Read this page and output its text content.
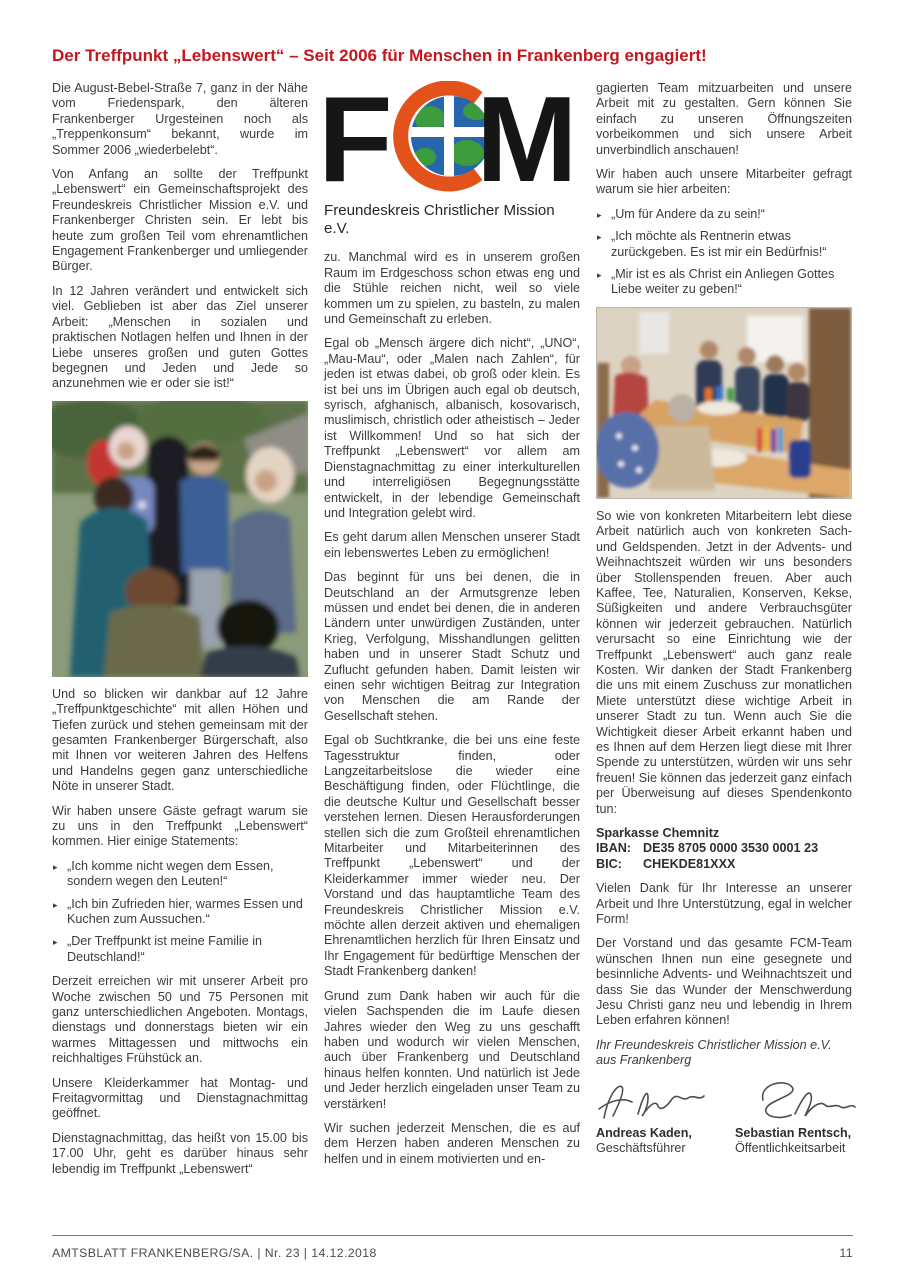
Der Treffpunkt „Lebenswert“ – Seit 2006 für Menschen in Frankenberg engagiert!

Die August-Bebel-Straße 7, ganz in der Nähe vom Friedenspark, den älteren Frankenberger Urgesteinen noch als „Treppenkonsum“ bekannt, wurde im Sommer 2006 „wiederbelebt“.

Von Anfang an sollte der Treffpunkt „Lebenswert“ ein Gemeinschaftsprojekt des Freundeskreis Christlicher Mission e.V. und Frankenberger Christen sein. Er lebt bis heute zum großen Teil vom ehrenamtlichen Engagement Frankenberger und umliegender Bürger.

In 12 Jahren verändert und entwickelt sich viel. Geblieben ist aber das Ziel unserer Arbeit: „Menschen in sozialen und praktischen Notlagen helfen und Ihnen in der Liebe unseres großen und guten Gottes begegnen und Jeden und Jede so anzunehmen wie er oder sie ist!“

Und so blicken wir dankbar auf 12 Jahre „Treffpunktgeschichte“ mit allen Höhen und Tiefen zurück und stehen gemeinsam mit der gesamten Frankenberger Bürgerschaft, also mit Ihnen vor weiteren Jahren des Helfens und Handelns gegen ganz unterschiedliche Nöte in unserer Stadt.

Wir haben unsere Gäste gefragt warum sie zu uns in den Treffpunkt „Lebenswert“ kommen. Hier einige Statements:

▸ „Ich komme nicht wegen dem Essen, sondern wegen den Leuten!“
▸ „Ich bin Zufrieden hier, warmes Essen und Kuchen zum Aussuchen.“
▸ „Der Treffpunkt ist meine Familie in Deutschland!“

Derzeit erreichen wir mit unserer Arbeit pro Woche zwischen 50 und 75 Personen mit ganz unterschiedlichen Angeboten. Montags, dienstags und donnerstags bieten wir ein warmes Mittagessen und mittwochs ein reichhaltiges Frühstück an.

Unsere Kleiderkammer hat Montag- und Freitagvormittag und Dienstagnachmittag geöffnet.

Dienstagnachmittag, das heißt von 15.00 bis 17.00 Uhr, geht es darüber hinaus sehr lebendig im Treffpunkt „Lebenswert“

F M
Freundeskreis Christlicher Mission e.V.

zu. Manchmal wird es in unserem großen Raum im Erdgeschoss schon etwas eng und die Stühle reichen nicht, weil so viele kommen um zu spielen, zu basteln, zu malen und Gemeinschaft zu erleben.

Egal ob „Mensch ärgere dich nicht“, „UNO“, „Mau-Mau“, oder „Malen nach Zahlen“, für jeden ist etwas dabei, ob groß oder klein. Es ist bei uns im Übrigen auch egal ob deutsch, syrisch, afghanisch, albanisch, kosovarisch, muslimisch, christlich oder atheistisch – Jeder ist Willkommen! Und so hat sich der Treffpunkt „Lebenswert“ vor allem am Dienstagnachmittag zu einer interkulturellen und interreligiösen Begegnungsstätte entwickelt, in der lebendige Gemeinschaft und Integration gelebt wird.

Es geht darum allen Menschen unserer Stadt ein lebenswertes Leben zu ermöglichen!

Das beginnt für uns bei denen, die in Deutschland an der Armutsgrenze leben müssen und endet bei denen, die in anderen Ländern unter unwürdigen Zuständen, unter Krieg, Verfolgung, Misshandlungen gelitten haben und in unserer Stadt Schutz und Zuflucht gefunden haben. Damit leisten wir einen sehr wichtigen Beitrag zur Integration von Menschen die am Rande der Gesellschaft stehen.

Egal ob Suchtkranke, die bei uns eine feste Tagesstruktur finden, oder Langzeitarbeitslose die wieder eine Beschäftigung finden, oder Flüchtlinge, die die deutsche Kultur und Gesellschaft besser verstehen lernen. Diesen Herausforderungen stellen sich die zum Großteil ehrenamtlichen Mitarbeiter und Mitarbeiterinnen des Treffpunkt „Lebenswert“ und der Kleiderkammer immer wieder neu. Der Vorstand und das hauptamtliche Team des Freundeskreis Christlicher Mission e.V. möchte allen derzeit aktiven und ehemaligen Ehrenamtlichen herzlich für Ihren Einsatz und Ihr Engagement für bedürftige Menschen der Stadt Frankenberg danken!

Grund zum Dank haben wir auch für die vielen Sachspenden die im Laufe diesen Jahres wieder den Weg zu uns geschafft haben und wodurch wir vielen Menschen, auch über Frankenberg und Deutschland hinaus helfen konnten. Und natürlich ist Jede und Jeder herzlich eingeladen unser Team zu verstärken!

Wir suchen jederzeit Menschen, die es auf dem Herzen haben anderen Menschen zu helfen und in einem motivierten und en-

gagierten Team mitzuarbeiten und unsere Arbeit mit zu gestalten. Gern können Sie einfach zu unseren Öffnungszeiten vorbeikommen und sich unsere Arbeit unverbindlich anschauen!

Wir haben auch unsere Mitarbeiter gefragt warum sie hier arbeiten:

▸ „Um für Andere da zu sein!“
▸ „Ich möchte als Rentnerin etwas zurückgeben. Es ist mir ein Bedürfnis!“
▸ „Mir ist es als Christ ein Anliegen Gottes Liebe weiter zu geben!“

So wie von konkreten Mitarbeitern lebt diese Arbeit natürlich auch von konkreten Sach- und Geldspenden. Jetzt in der Advents- und Weihnachtszeit würden wir uns besonders über Stollenspenden freuen. Aber auch Kaffee, Tee, Naturalien, Konserven, Kekse, Süßigkeiten und andere Verbrauchsgüter können wir jederzeit gebrauchen. Natürlich verursacht so eine Einrichtung wie der Treffpunkt „Lebenswert“ auch ganz reale Kosten. Wir danken der Stadt Frankenberg die uns mit einem Zuschuss zur monatlichen Miete unterstützt diese wichtige Arbeit in unserer Stadt zu tun. Wenn auch Sie die Wichtigkeit dieser Arbeit erkannt haben und es Ihnen auf dem Herzen liegt diese mit Ihrer Spende zu unterstützen, würden wir uns sehr freuen! Sie können das jederzeit ganz einfach per Überweisung auf dieses Spendenkonto tun:

Sparkasse Chemnitz
IBAN: DE35 8705 0000 3530 0001 23
BIC:	CHEKDE81XXX

Vielen Dank für Ihr Interesse an unserer Arbeit und Ihre Unterstützung, egal in welcher Form!

Der Vorstand und das gesamte FCM-Team wünschen Ihnen nun eine gesegnete und besinnliche Advents- und Weihnachtszeit und dass Sie das Wunder der Menschwerdung Jesu Christi ganz neu und lebendig in Ihrem Leben erfahren können!

Ihr Freundeskreis Christlicher Mission e.V. aus Frankenberg

Andreas Kaden,
Geschäftsführer
Sebastian Rentsch,
Öffentlichkeitsarbeit
AMTSBLATT FRANKENBERG/SA. | Nr. 23 | 14.12.2018	11
